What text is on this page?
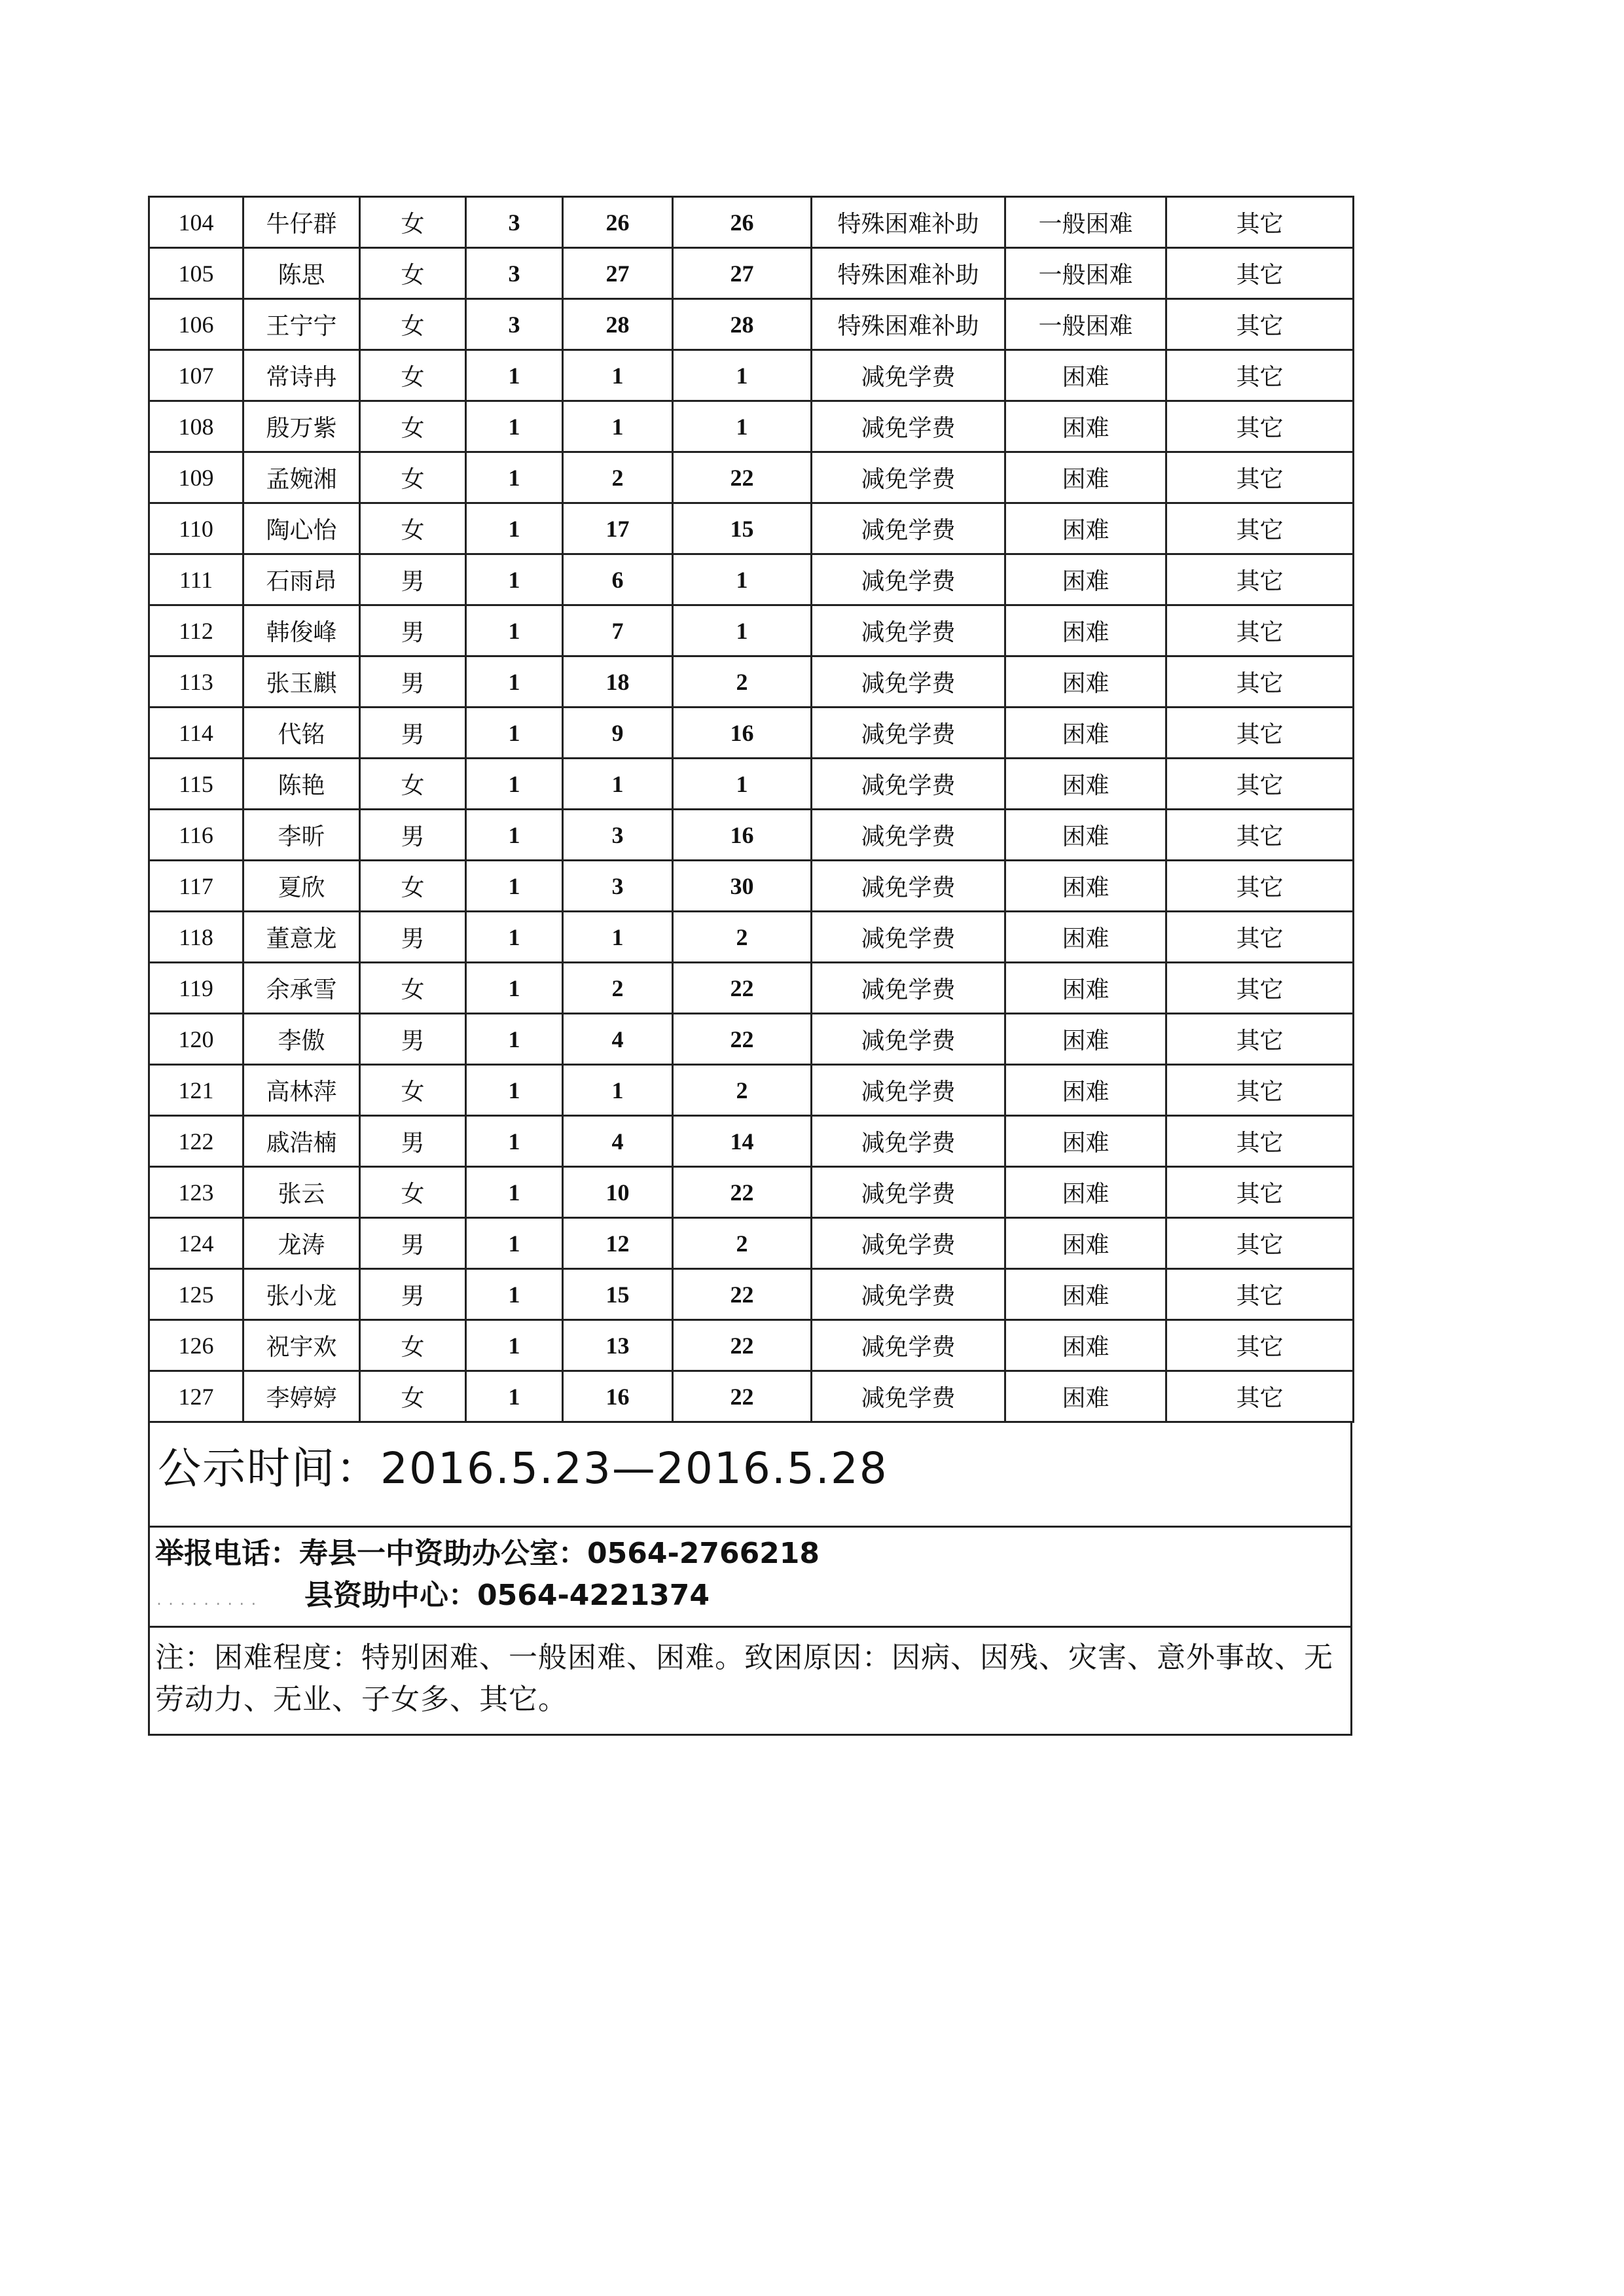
104	牛仔群	女	3	26	26	特殊困难补助	一般困难	其它
105	陈思	女	3	27	27	特殊困难补助	一般困难	其它
106	王宁宁	女	3	28	28	特殊困难补助	一般困难	其它
107	常诗冉	女	1	1	1	减免学费	困难	其它
108	殷万紫	女	1	1	1	减免学费	困难	其它
109	孟婉湘	女	1	2	22	减免学费	困难	其它
110	陶心怡	女	1	17	15	减免学费	困难	其它
111	石雨昂	男	1	6	1	减免学费	困难	其它
112	韩俊峰	男	1	7	1	减免学费	困难	其它
113	张玉麒	男	1	18	2	减免学费	困难	其它
114	代铭	男	1	9	16	减免学费	困难	其它
115	陈艳	女	1	1	1	减免学费	困难	其它
116	李昕	男	1	3	16	减免学费	困难	其它
117	夏欣	女	1	3	30	减免学费	困难	其它
118	董意龙	男	1	1	2	减免学费	困难	其它
119	余承雪	女	1	2	22	减免学费	困难	其它
120	李傲	男	1	4	22	减免学费	困难	其它
121	高林萍	女	1	1	2	减免学费	困难	其它
122	戚浩楠	男	1	4	14	减免学费	困难	其它
123	张云	女	1	10	22	减免学费	困难	其它
124	龙涛	男	1	12	2	减免学费	困难	其它
125	张小龙	男	1	15	22	减免学费	困难	其它
126	祝宇欢	女	1	13	22	减免学费	困难	其它
127	李婷婷	女	1	16	22	减免学费	困难	其它
公示时间：2016.5.23—2016.5.28
举报电话：寿县一中资助办公室：0564-2766218
.........	县资助中心：0564-4221374
注：困难程度：特别困难、一般困难、困难。致困原因：因病、因残、灾害、意外事故、无劳动力、无业、子女多、其它。
